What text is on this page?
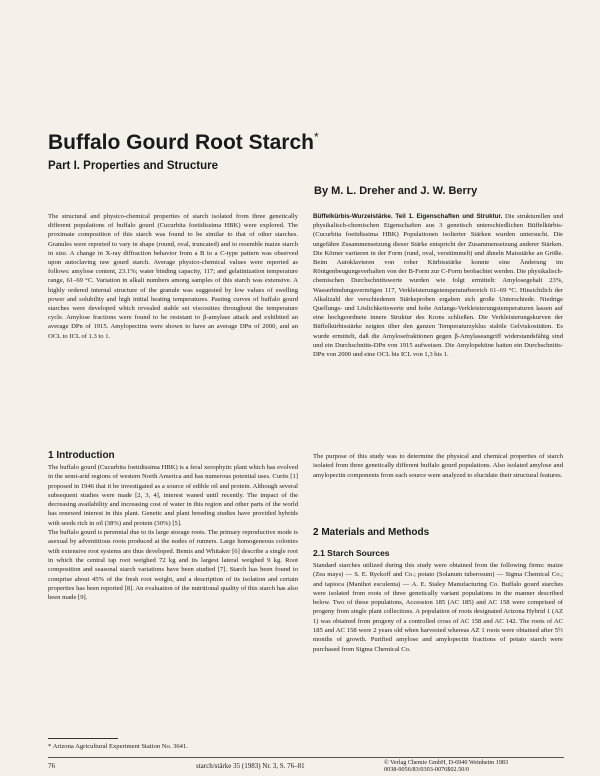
Buffalo Gourd Root Starch*
Part I. Properties and Structure

By M. L. Dreher and J. W. Berry

The structural and physico-chemical properties of starch isolated from three genetically different populations of buffalo gourd (Cucurbita foetidissima HBK) were explored. The proximate composition of this starch was found to be similar to that of other starches. Granules were reported to vary in shape (round, oval, truncated) and to resemble maize starch in size. A change in X-ray diffraction behavior from a B to a C-type pattern was observed upon autoclaving raw gourd starch. Average physico-chemical values were reported as follows: amylose content, 23.1%; water binding capacity, 117; and gelatinization temperature range, 61–69 °C. Variation in alkali numbers among samples of this starch was extensive. A highly ordered internal structure of the granule was suggested by low values of swelling power and solubility and high initial heating temperatures. Pasting curves of buffalo gourd starches were developed which revealed stable set viscosities throughout the temperature cycle. Amylose fractions were found to be resistant to β-amylase attack and exhibited an average DPn of 1915. Amylopectins were shown to have an average DPn of 2000, and an OCL to ICL of 1.3 to 1.

Büffelkürbis-Wurzelstärke. Teil 1. Eigenschaften und Struktur. Die strukturellen und physikalisch-chemischen Eigenschaften aus 3 genetisch unterschiedlichen Büffelkürbis- (Cucurbita foetidissima HBK) Populationen isolierter Stärken wurden untersucht. Die ungefähre Zusammensetzung dieser Stärke entspricht der Zusammensetzung anderer Stärken. Die Körner variieren in der Form (rund, oval, verstümmelt) und ähneln Maisstärke an Größe. Beim Autoklavieren von roher Kürbisstärke konnte eine Änderung im Röntgenbeugungsverhalten von der B-Form zur C-Form beobachtet werden. Die physikalisch-chemischen Durchschnittswerte wurden wie folgt ermittelt: Amylosegehalt 23%, Wasserbindungsvermögen 117, Verkleisterungstemperaturbereich 61–69 °C. Hinsichtlich der Alkalizahl der verschiedenen Stärkeproben ergaben sich große Unterschiede. Niedrige Quellungs- und Löslichkeitswerte und hohe Anfangs-Verkleisterungstemperaturen lassen auf eine hochgeordnete innere Struktur des Korns schließen. Die Verkleisterungskurven der Büffelkürbisstärke zeigten über den ganzen Temperaturzyklus stabile Gelviskositäten. Es wurde ermittelt, daß die Amylosefraktionen gegen β-Amylaseangriff widerstandsfähig sind und ein Durchschnitts-DPn von 1915 aufweisen. Die Amylopektine hatten ein Durchschnitts-DPn von 2000 und eine OCL bis ICL von 1,3 bis 1.

1 Introduction

The buffalo gourd (Cucurbita foetidissima HBK) is a feral xerophytic plant which has evolved in the semi-arid regions of western North America and has numerous potential uses. Curtis [1] proposed in 1946 that it be investigated as a source of edible oil and protein. Although several subsequent studies were made [2, 3, 4], interest waned until recently. The impact of the decreasing availability and increasing cost of water in this region and other parts of the world has renewed interest in this plant. Genetic and plant breeding studies have provided hybrids with seeds rich in oil (38%) and protein (30%) [5].

The buffalo gourd is perennial due to its large storage roots. The primary reproductive mode is asexual by adventitious roots produced at the nodes of runners. Large homogeneous colonies with extensive root systems are thus developed. Bemis and Whitaker [6] describe a single root in which the central tap root weighed 72 kg and its largest lateral weighed 9 kg. Root composition and seasonal starch variations have been studied [7]. Starch has been found to comprise about 45% of the fresh root weight, and a description of its isolation and certain properties has been reported [8]. An evaluation of the nutritional quality of this starch has also been made [9].

The purpose of this study was to determine the physical and chemical properties of starch isolated from three genetically different buffalo gourd populations. Also isolated amylose and amylopectin components from each source were analyzed to elucidate their structural features.

2 Materials and Methods
2.1 Starch Sources

Standard starches utilized during this study were obtained from the following firms: maize (Zea mays) — S. E. Ryckoff and Co.; potato (Solanum tuberosum) — Sigma Chemical Co.; and tapioca (Manihot esculenta) — A. E. Staley Manufacturing Co. Buffalo gourd starches were isolated from roots of three genetically variant populations in the manner described below. Two of these populations, Accession 185 (AC 185) and AC 158 were comprised of progeny from single plant collections. A population of roots designated Arizona Hybrid 1 (AZ 1) was obtained from progeny of a controlled cross of AC 158 and AC 142. The roots of AC 185 and AC 158 were 2 years old when harvested whereas AZ 1 roots were obtained after 5½ months of growth. Purified amylose and amylopectin fractions of potato starch were purchased from Sigma Chemical Co.

* Arizona Agricultural Experiment Station No. 3641.

76	starch/stärke 35 (1983) Nr. 3, S. 76–81	© Verlag Chemie GmbH, D-6940 Weinheim 1983
0038-9056/83/0303-0076$02.50/0
